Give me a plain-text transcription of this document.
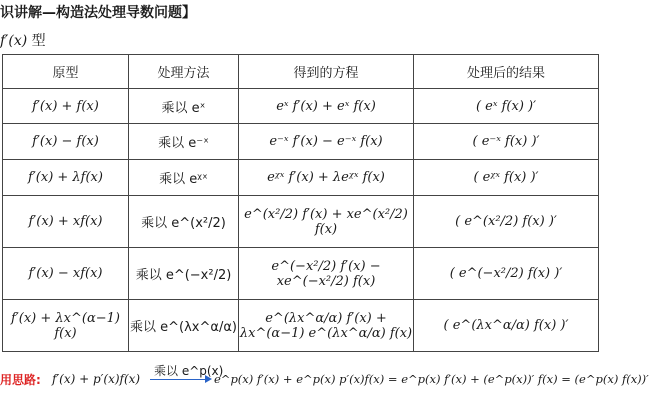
识讲解—构造法处理导数问题】
f′(x) 型
原型	处理方法	得到的方程	处理后的结果
f′(x) + f(x)	乘以 eˣ	eˣ f′(x) + eˣ f(x)	( eˣ f(x) )′
f′(x) − f(x)	乘以 e⁻ˣ	e⁻ˣ f′(x) − e⁻ˣ f(x)	( e⁻ˣ f(x) )′
f′(x) + λf(x)	乘以 eᵡˣ	eᵡˣ f′(x) + λeᵡˣ f(x)	( eᵡˣ f(x) )′
f′(x) + xf(x)	乘以 e^(x²/2)	e^(x²/2) f′(x) + xe^(x²/2) f(x)	( e^(x²/2) f(x) )′
f′(x) − xf(x)	乘以 e^(−x²/2)	e^(−x²/2) f′(x) − xe^(−x²/2) f(x)	( e^(−x²/2) f(x) )′
f′(x) + λx^(α−1) f(x)	乘以 e^(λx^α/α)	e^(λx^α/α) f′(x) + λx^(α−1) e^(λx^α/α) f(x)	( e^(λx^α/α) f(x) )′
用思路: f′(x) + p′(x)f(x)
乘以 e^p(x)
e^p(x) f′(x) + e^p(x) p′(x)f(x) = e^p(x) f′(x) + (e^p(x))′ f(x) = (e^p(x) f(x))′
